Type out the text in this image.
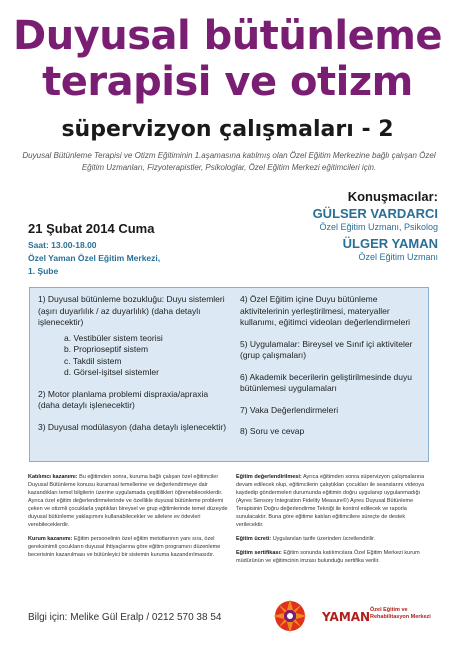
Duyusal bütünleme
terapisi ve otizm
süpervizyon çalışmaları - 2
Duyusal Bütünleme Terapisi ve Otizm Eğitiminin 1.aşamasına katılmış olan Özel Eğitim Merkezine bağlı çalışan Özel Eğitim Uzmanları, Fizyoterapistler, Psikologlar, Özel Eğitim Merkezi eğitimcileri için.
Konuşmacılar:
GÜLSER VARDARCI
Özel Eğitim Uzmanı, Psikolog
ÜLGER YAMAN
Özel Eğitim Uzmanı
21 Şubat 2014 Cuma
Saat: 13.00-18.00
Özel Yaman Özel Eğitim Merkezi,
1. Şube
1) Duyusal bütünleme bozukluğu: Duyu sistemleri (aşırı duyarlılık / az duyarlılık) (daha detaylı işlenecektir)
a. Vestibüler sistem teorisi
b. Proprioseptif sistem
c. Takdil sistem
d. Görsel-işitsel sistemler
2) Motor planlama problemi dispraxia/apraxia (daha detaylı işlenecektir)
3) Duyusal modülasyon (daha detaylı işlenecektir)
4) Özel Eğitim içine Duyu bütünleme aktivitelerinin yerleştirilmesi, materyaller kullanımı, eğitimci videoları değerlendirmeleri
5) Uygulamalar: Bireysel ve Sınıf içi aktiviteler (grup çalışmaları)
6) Akademik becerilerin geliştirilmesinde duyu bütünlemesi uygulamaları
7) Vaka Değerlendirmeleri
8) Soru ve cevap

Katılımcı kazanımı: Bu eğitimden sonra, kuruma bağlı çalışan özel eğitimciler Duyusal Bütünleme konusu kuramsal temellerine ve değerlendirmeye dair kazandıkları temel bilgilerin üzerine uygulamada çeşitlilikleri öğrenebileceklerdir. Ayrıca özel eğitim değerlendirmelerinde ve özellikle duyusal bütünleme problemi çeken ve otizmli çocuklarla yaptıkları bireysel ve grup eğitimlerinde temel düzeyde duyusal bütünleme yaklaşımını kullanabilecekler ve ailelere ev ödevleri verebileceklerdir.

Kurum kazanımı: Eğitim personelinin özel eğitim metotlarının yanı sıra, özel gereksinimli çocukların duyusal ihtiyaçlarına göre eğitim programını düzenleme becerisinin kazanılması ve bütünleyici bir sistemin kuruma kazandırılmasıdır.

Eğitim değerlendirilmesi: Ayrıca eğitimden sonra süpervizyon çalışmalarına devam edilecek olup, eğitimcilerin çalıştıkları çocukları ile seanslarını videoya kaydedip göndermeleri durumunda eğitimin doğru uygulanıp uygulanmadığı (Ayres Sensory Integration Fidelity Measure©) Ayres Duyusal Bütünleme Terapisinin Doğru değerlendirme Tekniği ile kontrol edilecek ve raporla sunulacaktır. Buna göre eğitime katılan eğitimcilere süreçte de destek verilecektir.

Eğitim ücreti: Uygulanılan tarife üzerinden ücretlendirilir.

Eğitim sertifikası: Eğitim sonunda katılımcılara Özel Eğitim Merkezi kurum müdürünün ve eğitimcinin imzası bulunduğu sertifika verilir.

Bilgi için: Melike Gül Eralp / 0212 570 38 54	YAMAN Özel Eğitim ve Rehabilitasyon Merkezi
